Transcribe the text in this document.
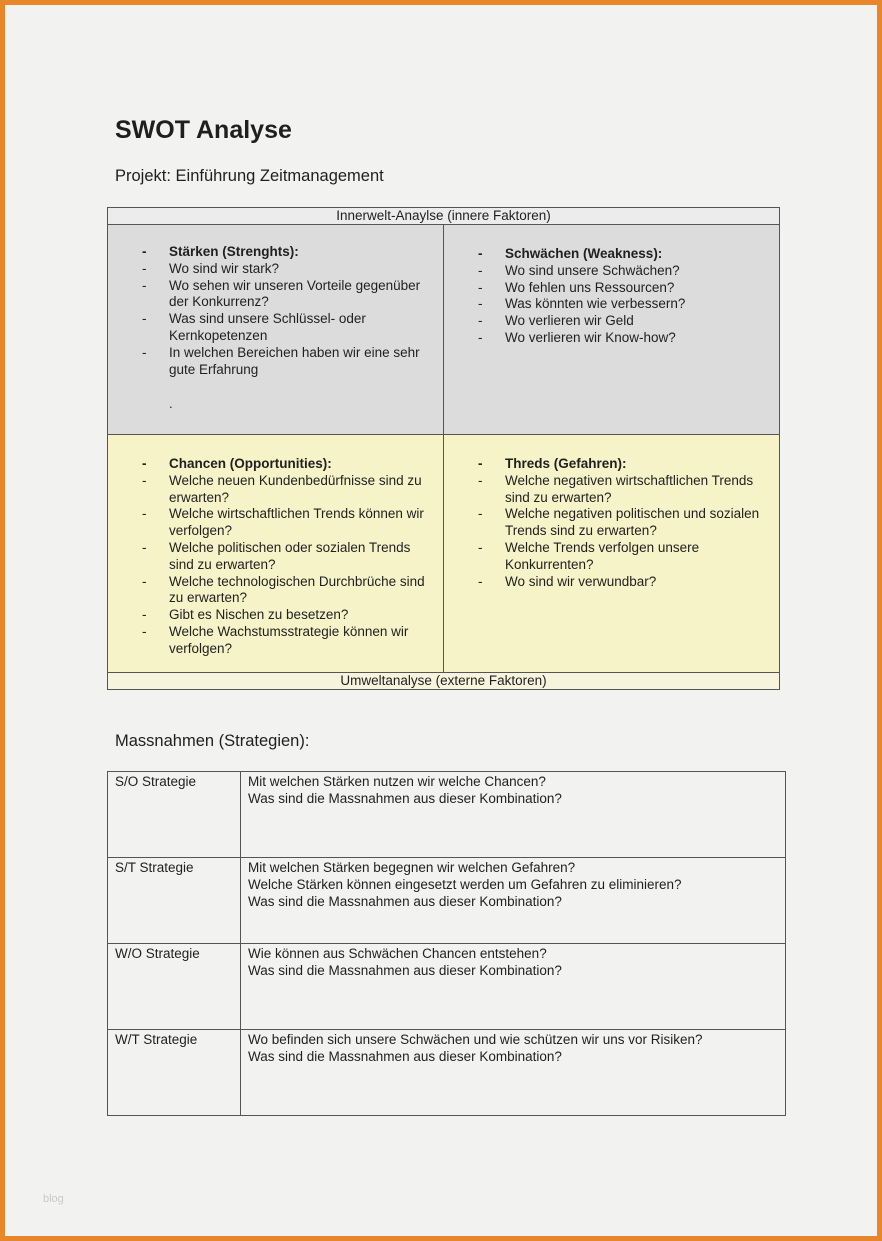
SWOT Analyse
Projekt: Einführung Zeitmanagement
Innerwelt-Anaylse (innere Faktoren)
- Stärken (Strenghts):
- Wo sind wir stark?
- Wo sehen wir unseren Vorteile gegenüber der Konkurrenz?
- Was sind unsere Schlüssel- oder Kernkopetenzen
- In welchen Bereichen haben wir eine sehr gute Erfahrung
.
- Schwächen (Weakness):
- Wo sind unsere Schwächen?
- Wo fehlen uns Ressourcen?
- Was könnten wie verbessern?
- Wo verlieren wir Geld
- Wo verlieren wir Know-how?
- Chancen (Opportunities):
- Welche neuen Kundenbedürfnisse sind zu erwarten?
- Welche wirtschaftlichen Trends können wir verfolgen?
- Welche politischen oder sozialen Trends sind zu erwarten?
- Welche technologischen Durchbrüche sind zu erwarten?
- Gibt es Nischen zu besetzen?
- Welche Wachstumsstrategie können wir verfolgen?
- Threds (Gefahren):
- Welche negativen wirtschaftlichen Trends sind zu erwarten?
- Welche negativen politischen und sozialen Trends sind zu erwarten?
- Welche Trends verfolgen unsere Konkurrenten?
- Wo sind wir verwundbar?
Umweltanalyse (externe Faktoren)
Massnahmen (Strategien):
S/O Strategie	Mit welchen Stärken nutzen wir welche Chancen?
Was sind die Massnahmen aus dieser Kombination?

S/T Strategie	Mit welchen Stärken begegnen wir welchen Gefahren?
Welche Stärken können eingesetzt werden um Gefahren zu eliminieren?
Was sind die Massnahmen aus dieser Kombination?

W/O Strategie	Wie können aus Schwächen Chancen entstehen?
Was sind die Massnahmen aus dieser Kombination?

W/T Strategie	Wo befinden sich unsere Schwächen und wie schützen wir uns vor Risiken?
Was sind die Massnahmen aus dieser Kombination?
blog
